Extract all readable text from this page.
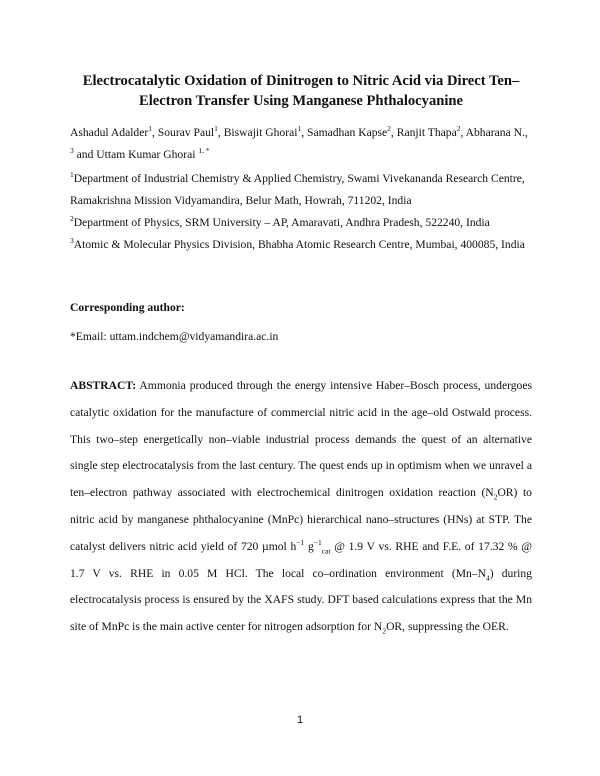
Electrocatalytic Oxidation of Dinitrogen to Nitric Acid via Direct Ten–Electron Transfer Using Manganese Phthalocyanine
Ashadul Adalder$^1$, Sourav Paul$^1$, Biswajit Ghorai$^1$, Samadhan Kapse$^2$, Ranjit Thapa$^2$, Abharana N., $^3$ and Uttam Kumar Ghorai $^{1, *}$

$^1$Department of Industrial Chemistry & Applied Chemistry, Swami Vivekananda Research Centre, Ramakrishna Mission Vidyamandira, Belur Math, Howrah, 711202, India

$^2$Department of Physics, SRM University – AP, Amaravati, Andhra Pradesh, 522240, India

$^3$Atomic & Molecular Physics Division, Bhabha Atomic Research Centre, Mumbai, 400085, India

Corresponding author:
*Email: uttam.indchem@vidyamandira.ac.in
ABSTRACT: Ammonia produced through the energy intensive Haber–Bosch process, undergoes catalytic oxidation for the manufacture of commercial nitric acid in the age–old Ostwald process. This two–step energetically non–viable industrial process demands the quest of an alternative single step electrocatalysis from the last century. The quest ends up in optimism when we unravel a ten–electron pathway associated with electrochemical dinitrogen oxidation reaction $(N_2OR)$ to nitric acid by manganese phthalocyanine (MnPc) hierarchical nano–structures (HNs) at STP. The catalyst delivers nitric acid yield of 720 µmol $h^{-1}$ $g^{-1}_{cat}$ @ 1.9 V vs. RHE and F.E. of 17.32 % @ 1.7 V vs. RHE in 0.05 M HCl. The local co–ordination environment $(Mn-N_4)$ during electrocatalysis process is ensured by the XAFS study. DFT based calculations express that the Mn site of MnPc is the main active center for nitrogen adsorption for $N_2OR$, suppressing the OER.
1
